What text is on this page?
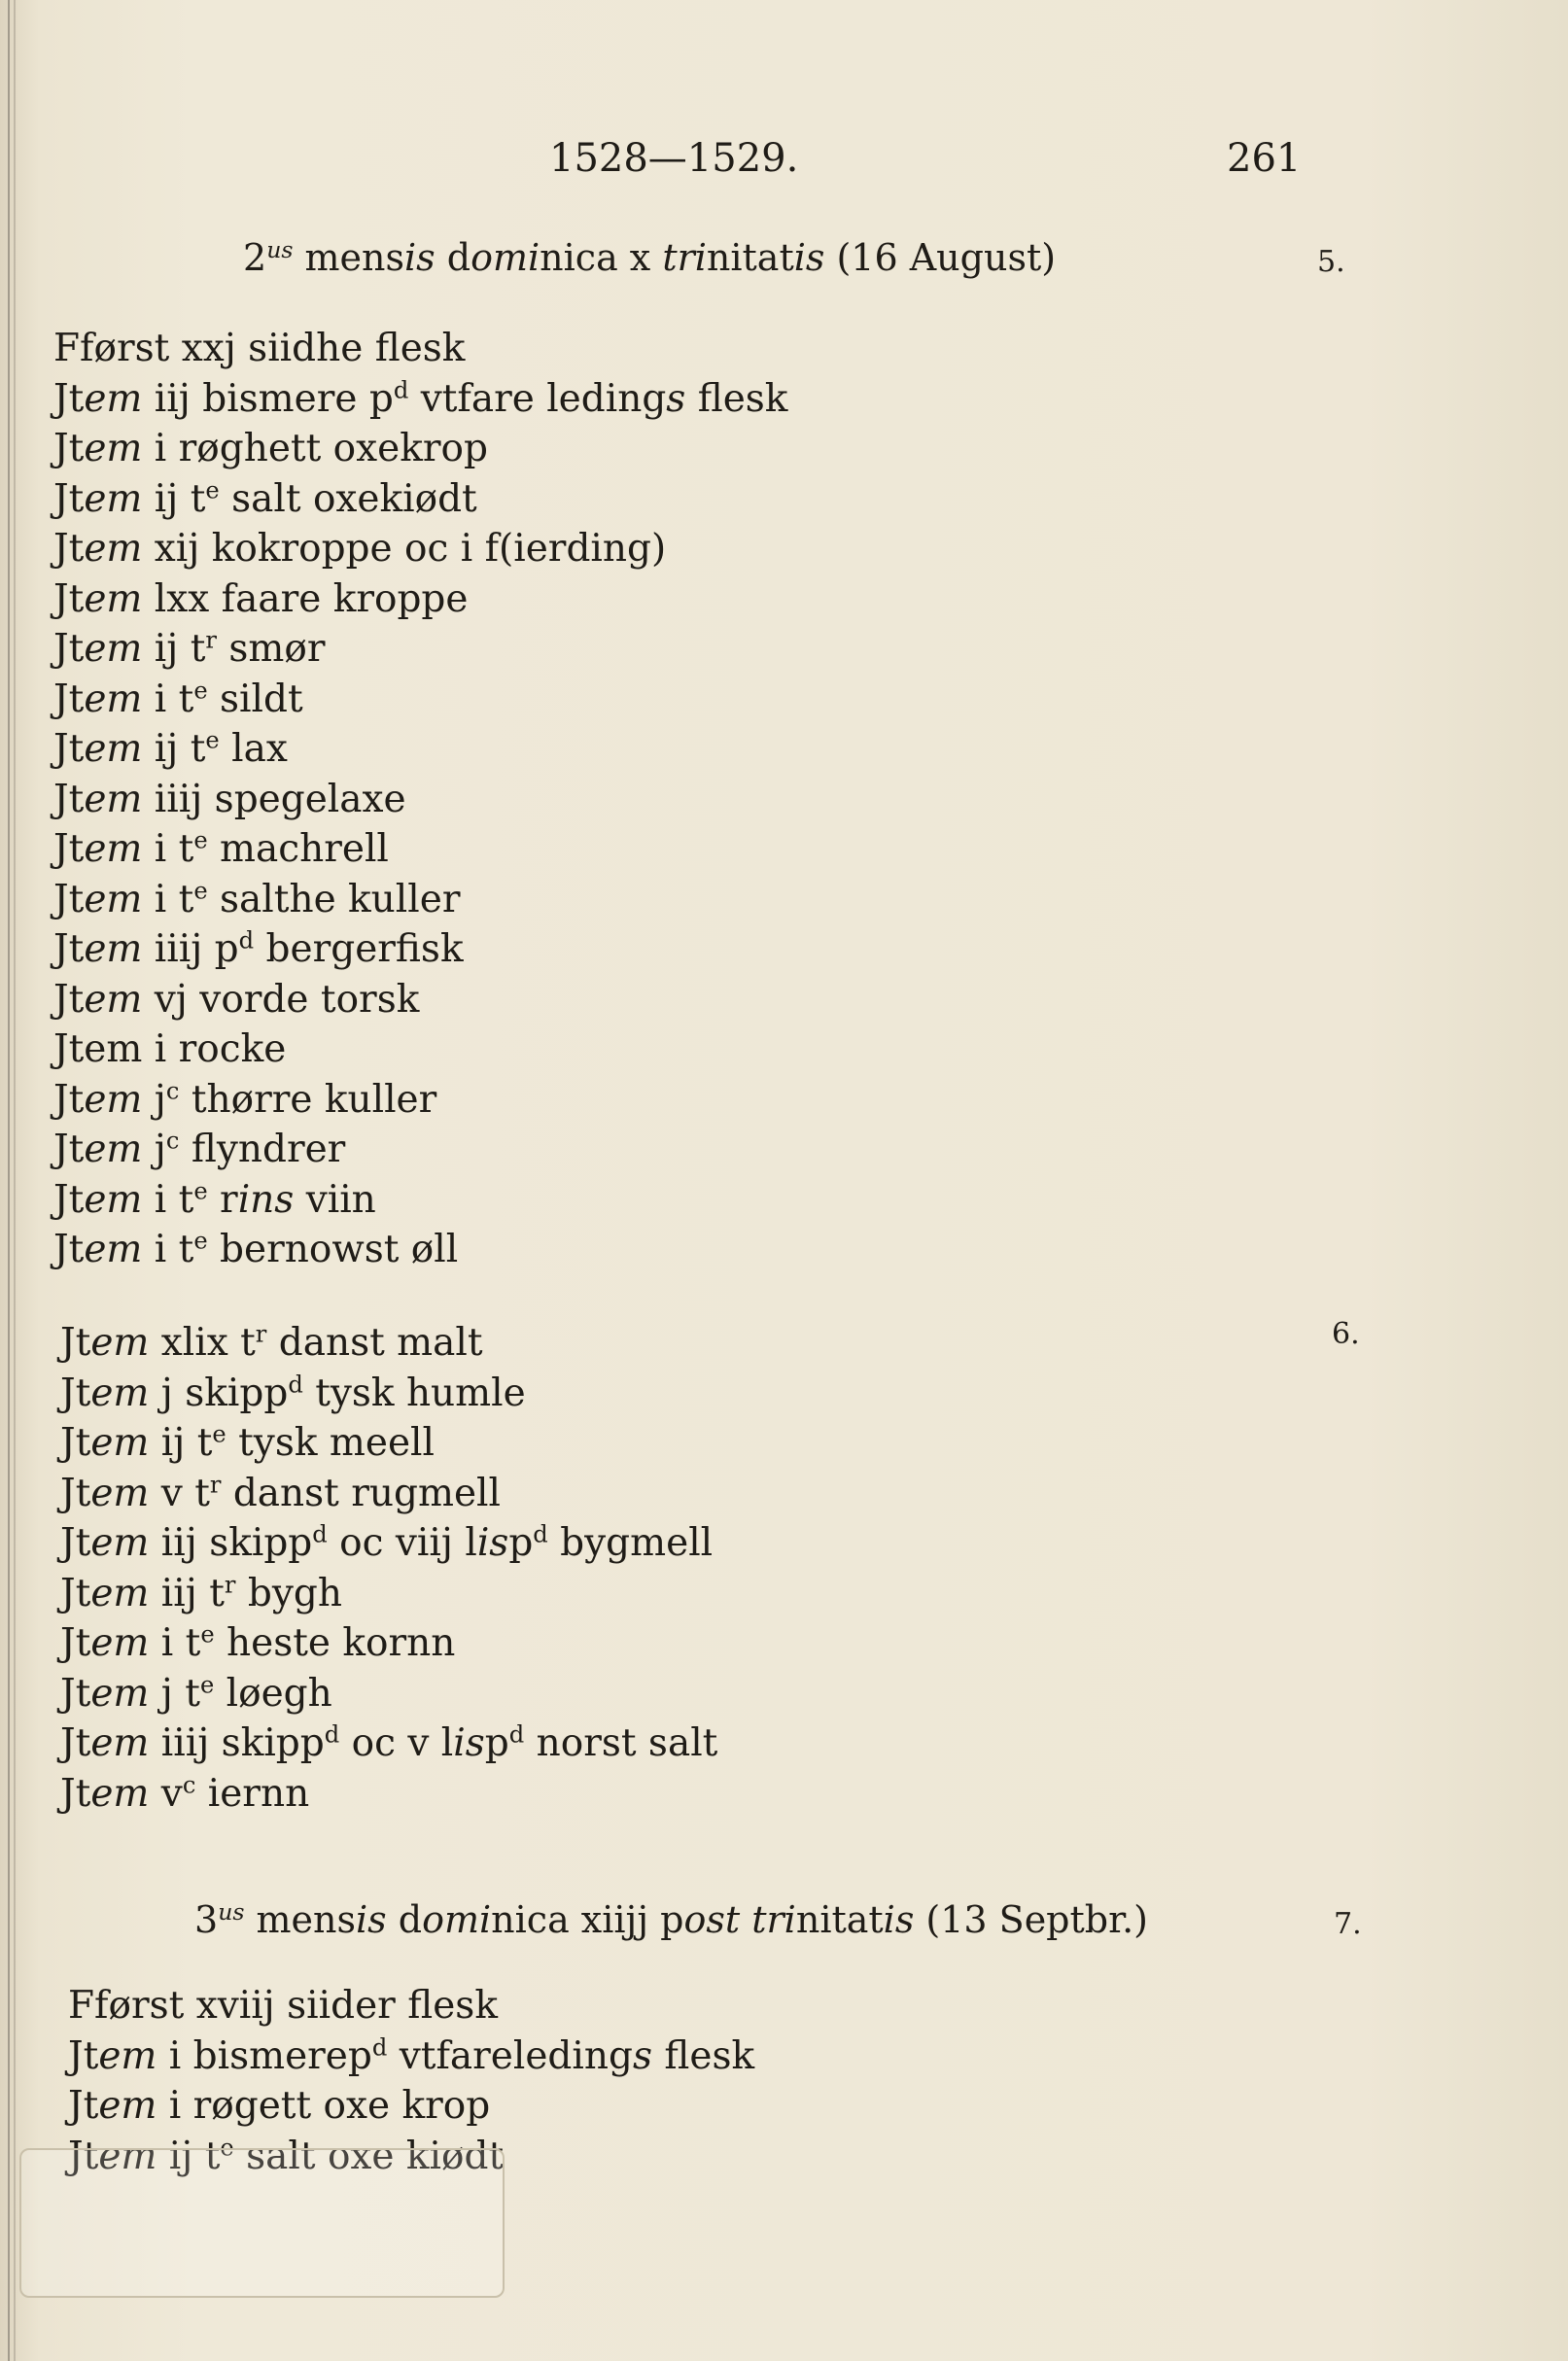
1528—1529.	261
$2^{us}$ mensis dominica x trinitatis (16 August)	5.
Fførst xxj siidhe flesk
Jtem iij bismere $p^d$ vtfare ledings flesk
Jtem i røghett oxekrop
Jtem ij $t^e$ salt oxekiødt
Jtem xij kokroppe oc i f(ierding)
Jtem lxx faare kroppe
Jtem ij $t^r$ smør
Jtem i $t^e$ sildt
Jtem ij $t^e$ lax
Jtem iiij spegelaxe
Jtem i $t^e$ machrell
Jtem i $t^e$ salthe kuller
Jtem iiij $p^d$ bergerfisk
Jtem vj vorde torsk
Jtem i rocke
Jtem $j^c$ thørre kuller
Jtem $j^c$ flyndrer
Jtem i $t^e$ rins viin
Jtem i $t^e$ bernowst øll
6.
Jtem xlix $t^r$ danst malt
Jtem j skipp$^d$ tysk humle
Jtem ij $t^e$ tysk meell
Jtem v $t^r$ danst rugmell
Jtem iij skipp$^d$ oc viij lisp$^d$ bygmell
Jtem iij $t^r$ bygh
Jtem i $t^e$ heste kornn
Jtem j $t^e$ løegh
Jtem iiij skipp$^d$ oc v lisp$^d$ norst salt
Jtem $v^c$ iernn
$3^{us}$ mensis dominica xiijj post trinitatis (13 Septbr.)	7.
Fførst xviij siider flesk
Jtem i bismerep$^d$ vtfareledings flesk
Jtem i røgett oxe krop
Jtem ij $t^e$ salt oxe kiødt
